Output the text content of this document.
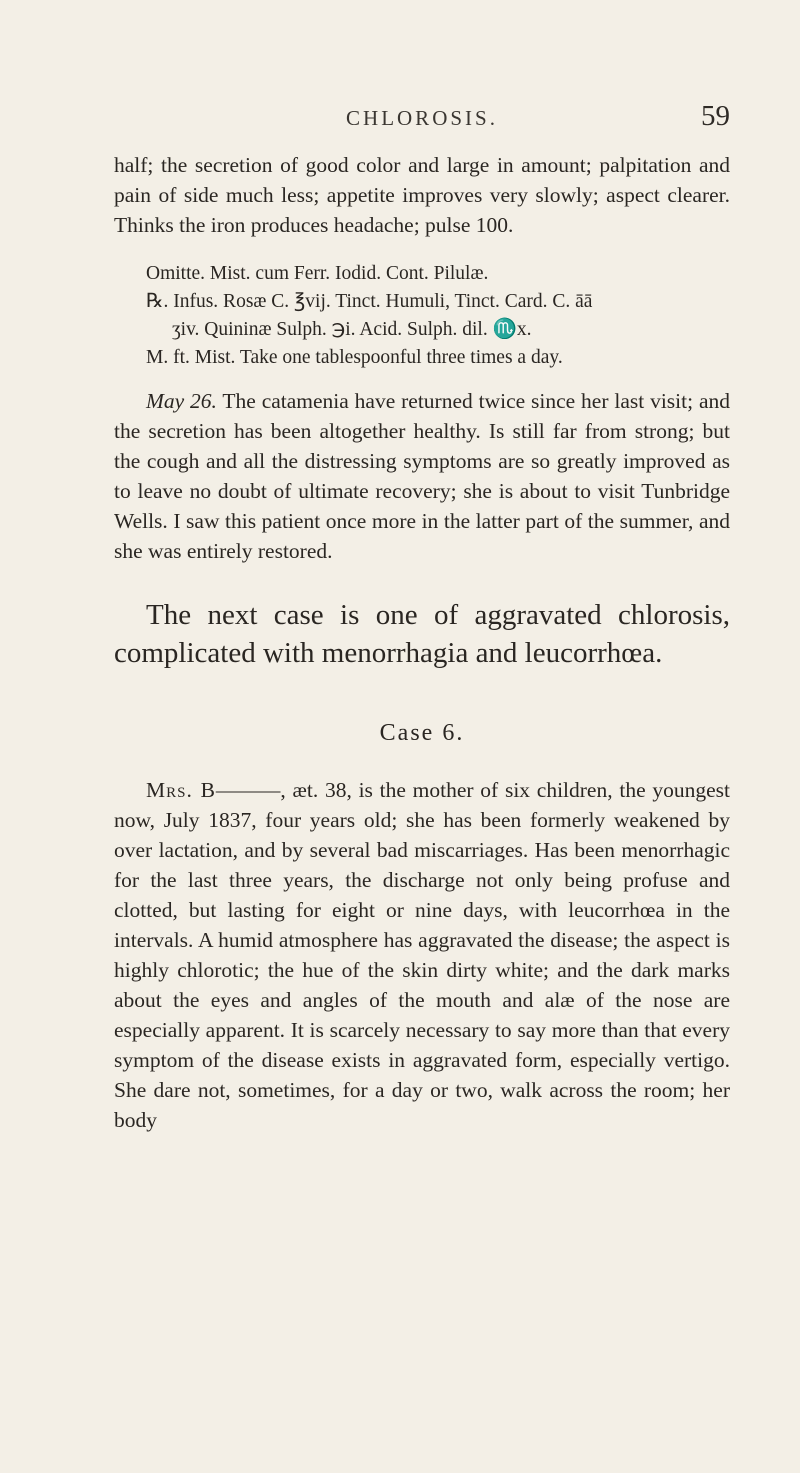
CHLOROSIS.	59

half; the secretion of good color and large in amount; palpitation and pain of side much less; appetite improves very slowly; aspect clearer. Thinks the iron produces headache; pulse 100.

Omitte. Mist. cum Ferr. Iodid. Cont. Pilulæ.
℞. Infus. Rosæ C. ℥vij. Tinct. Humuli, Tinct. Card. C. āā
ʒiv. Quininæ Sulph. ℈i. Acid. Sulph. dil. ♏x.
M. ft. Mist. Take one tablespoonful three times a day.

May 26. The catamenia have returned twice since her last visit; and the secretion has been altogether healthy. Is still far from strong; but the cough and all the distressing symptoms are so greatly improved as to leave no doubt of ultimate recovery; she is about to visit Tunbridge Wells. I saw this patient once more in the latter part of the summer, and she was entirely restored.

The next case is one of aggravated chlorosis, complicated with menorrhagia and leucorrhœa.

Case 6.

Mrs. B———, æt. 38, is the mother of six children, the youngest now, July 1837, four years old; she has been formerly weakened by over lactation, and by several bad miscarriages. Has been menorrhagic for the last three years, the discharge not only being profuse and clotted, but lasting for eight or nine days, with leucorrhœa in the intervals. A humid atmosphere has aggravated the disease; the aspect is highly chlorotic; the hue of the skin dirty white; and the dark marks about the eyes and angles of the mouth and alæ of the nose are especially apparent. It is scarcely necessary to say more than that every symptom of the disease exists in aggravated form, especially vertigo. She dare not, sometimes, for a day or two, walk across the room; her body
